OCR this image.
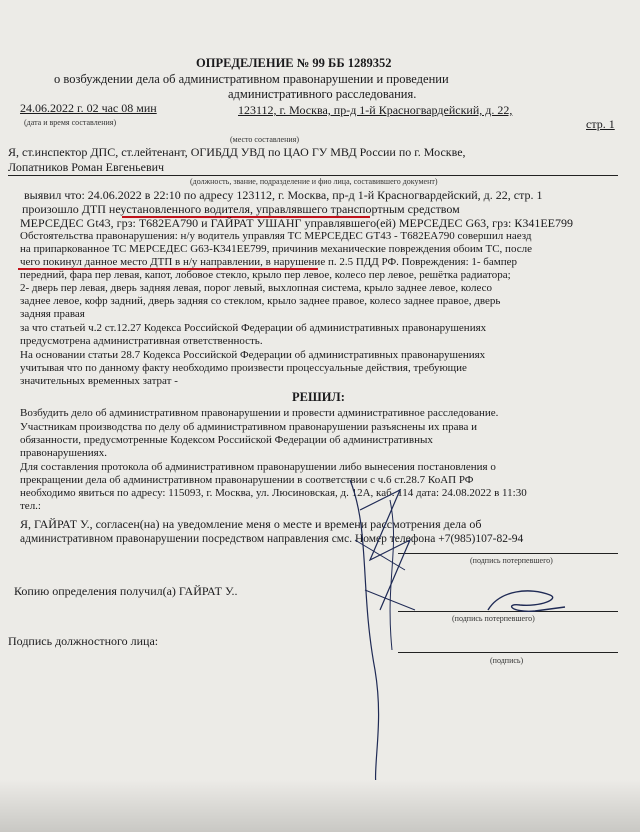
ОПРЕДЕЛЕНИЕ № 99 ББ 1289352
о возбуждении дела об административном правонарушении и проведении
административного расследования.
24.06.2022 г. 02 час 08 мин
(дата и время составления)
123112, г. Москва, пр-д 1-й Красногвардейский, д. 22,
стр. 1
(место составления)
Я, ст.инспектор ДПС, ст.лейтенант, ОГИБДД УВД по ЦАО ГУ МВД России по г. Москве,
Лопатников Роман Евгеньевич
(должность, звание, подразделение и фио лица, составившего документ)
выявил что: 24.06.2022 в 22:10 по адресу 123112, г. Москва, пр-д 1-й Красногвардейский, д. 22, стр. 1
произошло ДТП неустановленного водителя, управлявшего транспортным средством
МЕРСЕДЕС Gt43, грз: Т682ЕА790 и ГАЙРАТ УШАНГ управлявшего(ей) МЕРСЕДЕС G63, грз: К341ЕЕ799
Обстоятельства правонарушения: н/у водитель управляя ТС МЕРСЕДЕС GT43 - Т682ЕА790 совершил наезд
на припаркованное ТС МЕРСЕДЕС G63-К341ЕЕ799, причинив механические повреждения обоим ТС, после
чего покинул данное место ДТП в н/у направлении, в нарушение п. 2.5 ПДД РФ. Повреждения: 1- бампер
передний, фара пер левая, капот, лобовое стекло, крыло пер левое, колесо пер левое, решётка радиатора;
2- дверь пер левая, дверь задняя левая, порог левый, выхлопная система, крыло заднее левое, колесо
заднее левое, кофр задний, дверь задняя со стеклом, крыло заднее правое, колесо заднее правое, дверь
задняя правая
за что статьей ч.2 ст.12.27 Кодекса Российской Федерации об административных правонарушениях
предусмотрена административная ответственность.
На основании статьи 28.7 Кодекса Российской Федерации об административных правонарушениях
учитывая что по данному факту необходимо произвести процессуальные действия, требующие
значительных временных затрат -
РЕШИЛ:
Возбудить дело об административном правонарушении и провести административное расследование.
Участникам производства по делу об административном правонарушении разъяснены их права и
обязанности, предусмотренные Кодексом Российской Федерации об административных
правонарушениях.
Для составления протокола об административном правонарушении либо вынесения постановления о
прекращении дела об административном правонарушении в соответствии с ч.6 ст.28.7 КоАП РФ
необходимо явиться по адресу: 115093, г. Москва, ул. Люсиновская, д. 12А, каб. 114 дата: 24.08.2022 в 11:30
тел.:
Я, ГАЙРАТ У., согласен(на) на уведомление меня о месте и времени рассмотрения дела об
административном правонарушении посредством направления смс. Номер телефона +7(985)107-82-94
(подпись потерпевшего)
Копию определения получил(а) ГАЙРАТ У..
(подпись потерпевшего)
Подпись должностного лица:
(подпись)
